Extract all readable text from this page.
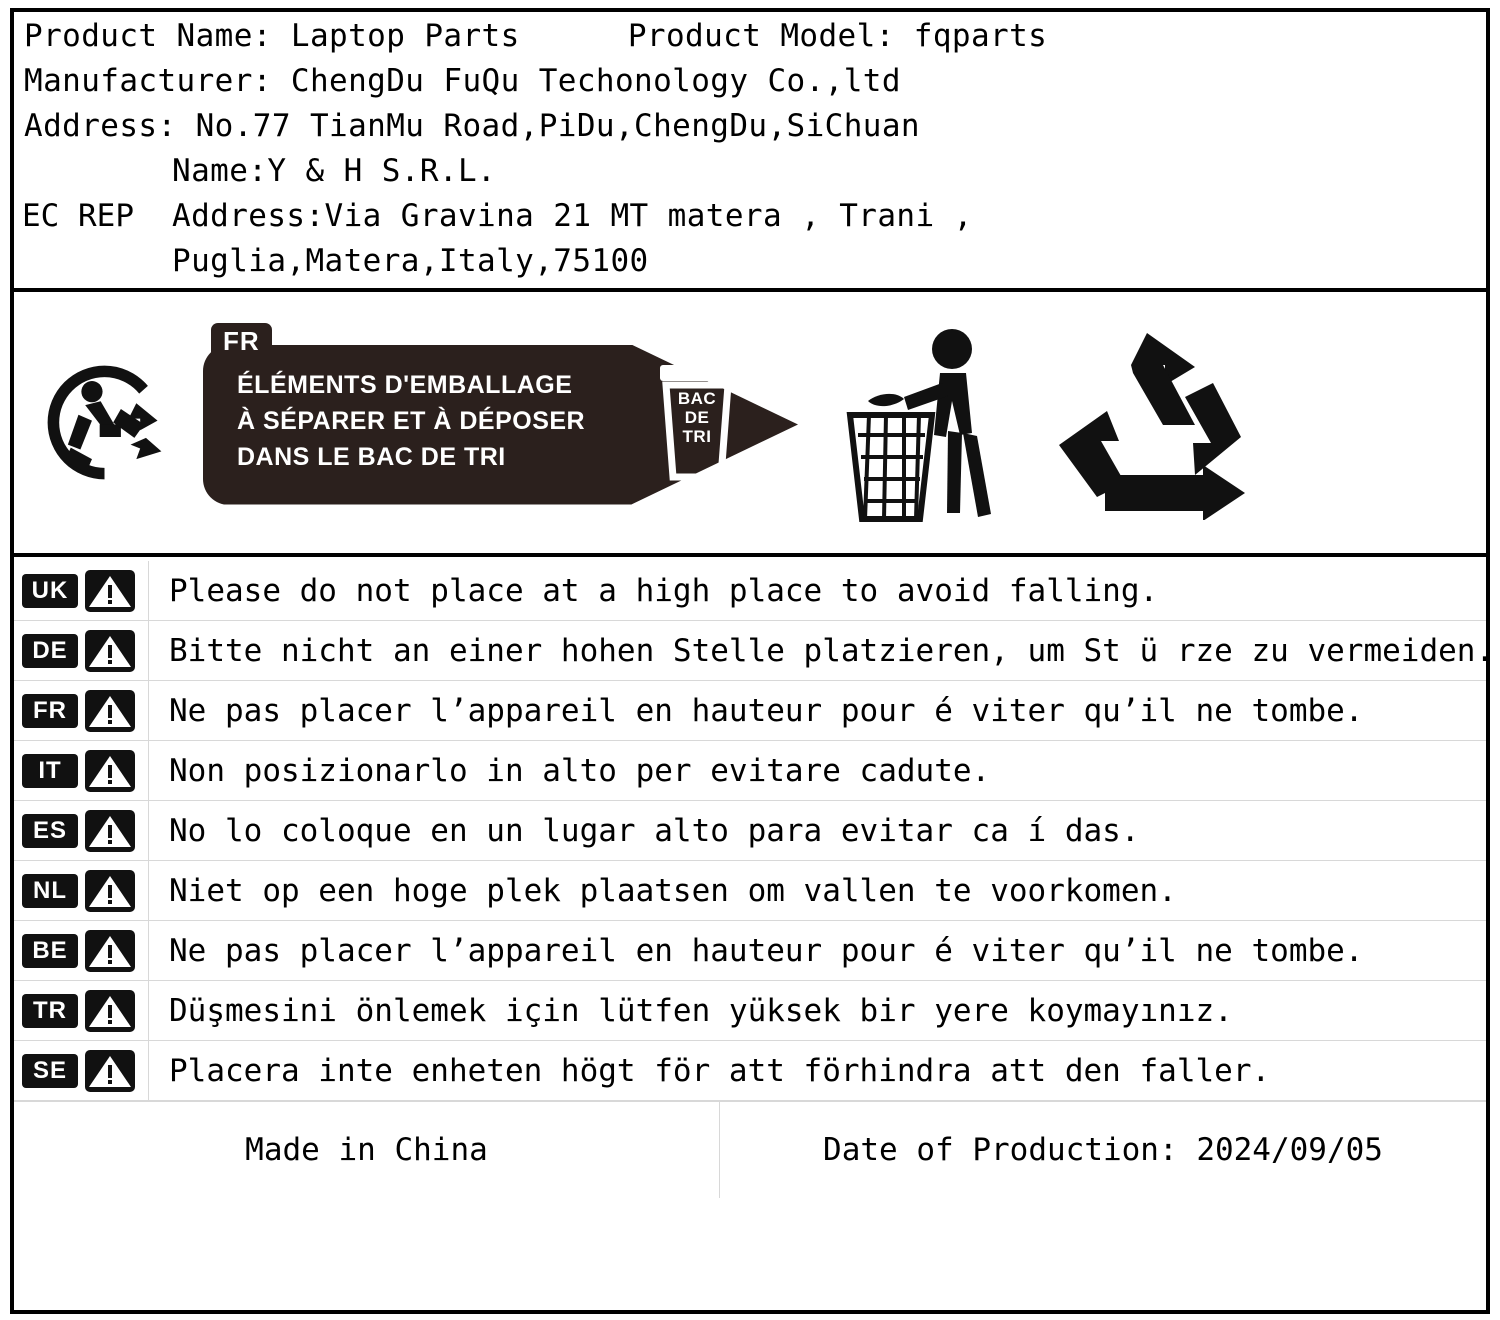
Product Name: Laptop Parts	Product Model: fqparts
Manufacturer: ChengDu FuQu Techonology Co.,ltd
Address: No.77 TianMu Road,PiDu,ChengDu,SiChuan
EC REP
Name:Y & H S.R.L.
Address:Via Gravina 21 MT matera , Trani ,
Puglia,Matera,Italy,75100
FR
ÉLÉMENTS D'EMBALLAGE
À SÉPARER ET À DÉPOSER
DANS LE BAC DE TRI
BAC
DE
TRI
UK	Please do not place at a high place to avoid falling.
DE	Bitte nicht an einer hohen Stelle platzieren, um St ü rze zu vermeiden.
FR	Ne pas placer l’appareil en hauteur pour é viter qu’il ne tombe.
IT	Non posizionarlo in alto per evitare cadute.
ES	No lo coloque en un lugar alto para evitar ca í das.
NL	Niet op een hoge plek plaatsen om vallen te voorkomen.
BE	Ne pas placer l’appareil en hauteur pour é viter qu’il ne tombe.
TR	Düşmesini önlemek için lütfen yüksek bir yere koymayınız.
SE	Placera inte enheten högt för att förhindra att den faller.
Made in China	Date of Production: 2024/09/05
